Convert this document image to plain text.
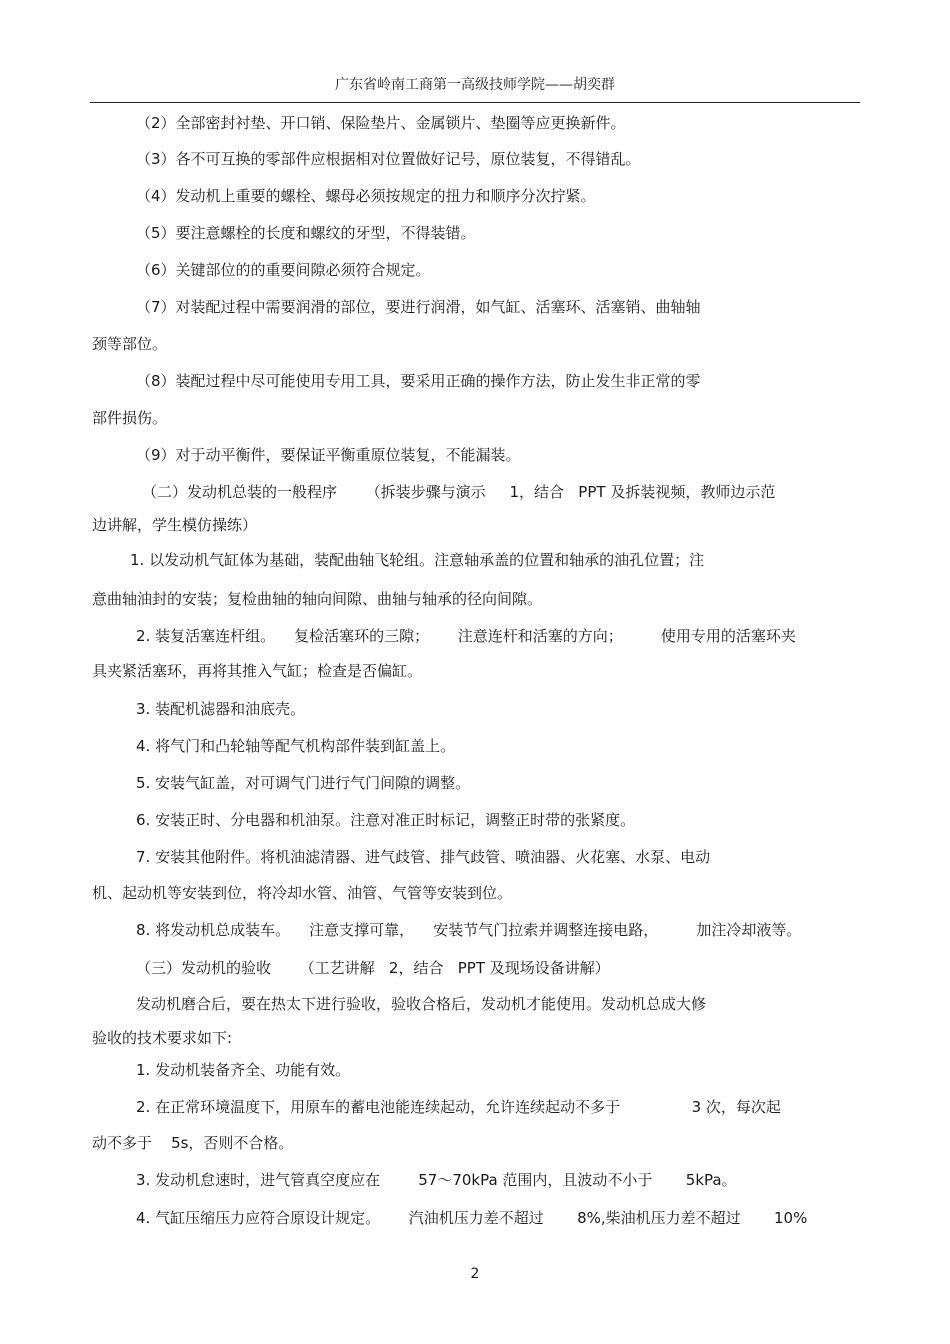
广东省岭南工商第一高级技师学院——胡奕群
（2）全部密封衬垫、开口销、保险垫片、金属锁片、垫圈等应更换新件。
（3）各不可互换的零部件应根据相对位置做好记号，原位装复，不得错乱。
（4）发动机上重要的螺栓、螺母必须按规定的扭力和顺序分次拧紧。
（5）要注意螺栓的长度和螺纹的牙型，不得装错。
（6）关键部位的的重要间隙必须符合规定。
（7）对装配过程中需要润滑的部位，要进行润滑，如气缸、活塞环、活塞销、曲轴轴
颈等部位。
（8）装配过程中尽可能使用专用工具，要采用正确的操作方法，防止发生非正常的零
部件损伤。
（9）对于动平衡件，要保证平衡重原位装复，不能漏装。
（二）发动机总装的一般程序      （拆装步骤与演示     1，结合   PPT 及拆装视频，教师边示范
边讲解，学生模仿操练）
1. 以发动机气缸体为基础，装配曲轴飞轮组。注意轴承盖的位置和轴承的油孔位置；注
意曲轴油封的安装；复检曲轴的轴向间隙、曲轴与轴承的径向间隙。
2. 装复活塞连杆组。    复检活塞环的三隙；      注意连杆和活塞的方向；        使用专用的活塞环夹
具夹紧活塞环，再将其推入气缸；检查是否偏缸。
3. 装配机滤器和油底壳。
4. 将气门和凸轮轴等配气机构部件装到缸盖上。
5. 安装气缸盖，对可调气门进行气门间隙的调整。
6. 安装正时、分电器和机油泵。注意对准正时标记，调整正时带的张紧度。
7. 安装其他附件。将机油滤清器、进气歧管、排气歧管、喷油器、火花塞、水泵、电动
机、起动机等安装到位，将冷却水管、油管、气管等安装到位。
8. 将发动机总成装车。    注意支撑可靠，    安装节气门拉索并调整连接电路，        加注冷却液等。
（三）发动机的验收      （工艺讲解   2，结合   PPT 及现场设备讲解）
发动机磨合后，要在热太下进行验收，验收合格后，发动机才能使用。发动机总成大修
验收的技术要求如下:
1. 发动机装备齐全、功能有效。
2. 在正常环境温度下，用原车的蓄电池能连续起动，允许连续起动不多于               3 次，每次起
动不多于    5s，否则不合格。
3. 发动机怠速时，进气管真空度应在        57～70kPa 范围内，且波动不小于       5kPa。
4. 气缸压缩压力应符合原设计规定。      汽油机压力差不超过       8%,柴油机压力差不超过       10%
2
